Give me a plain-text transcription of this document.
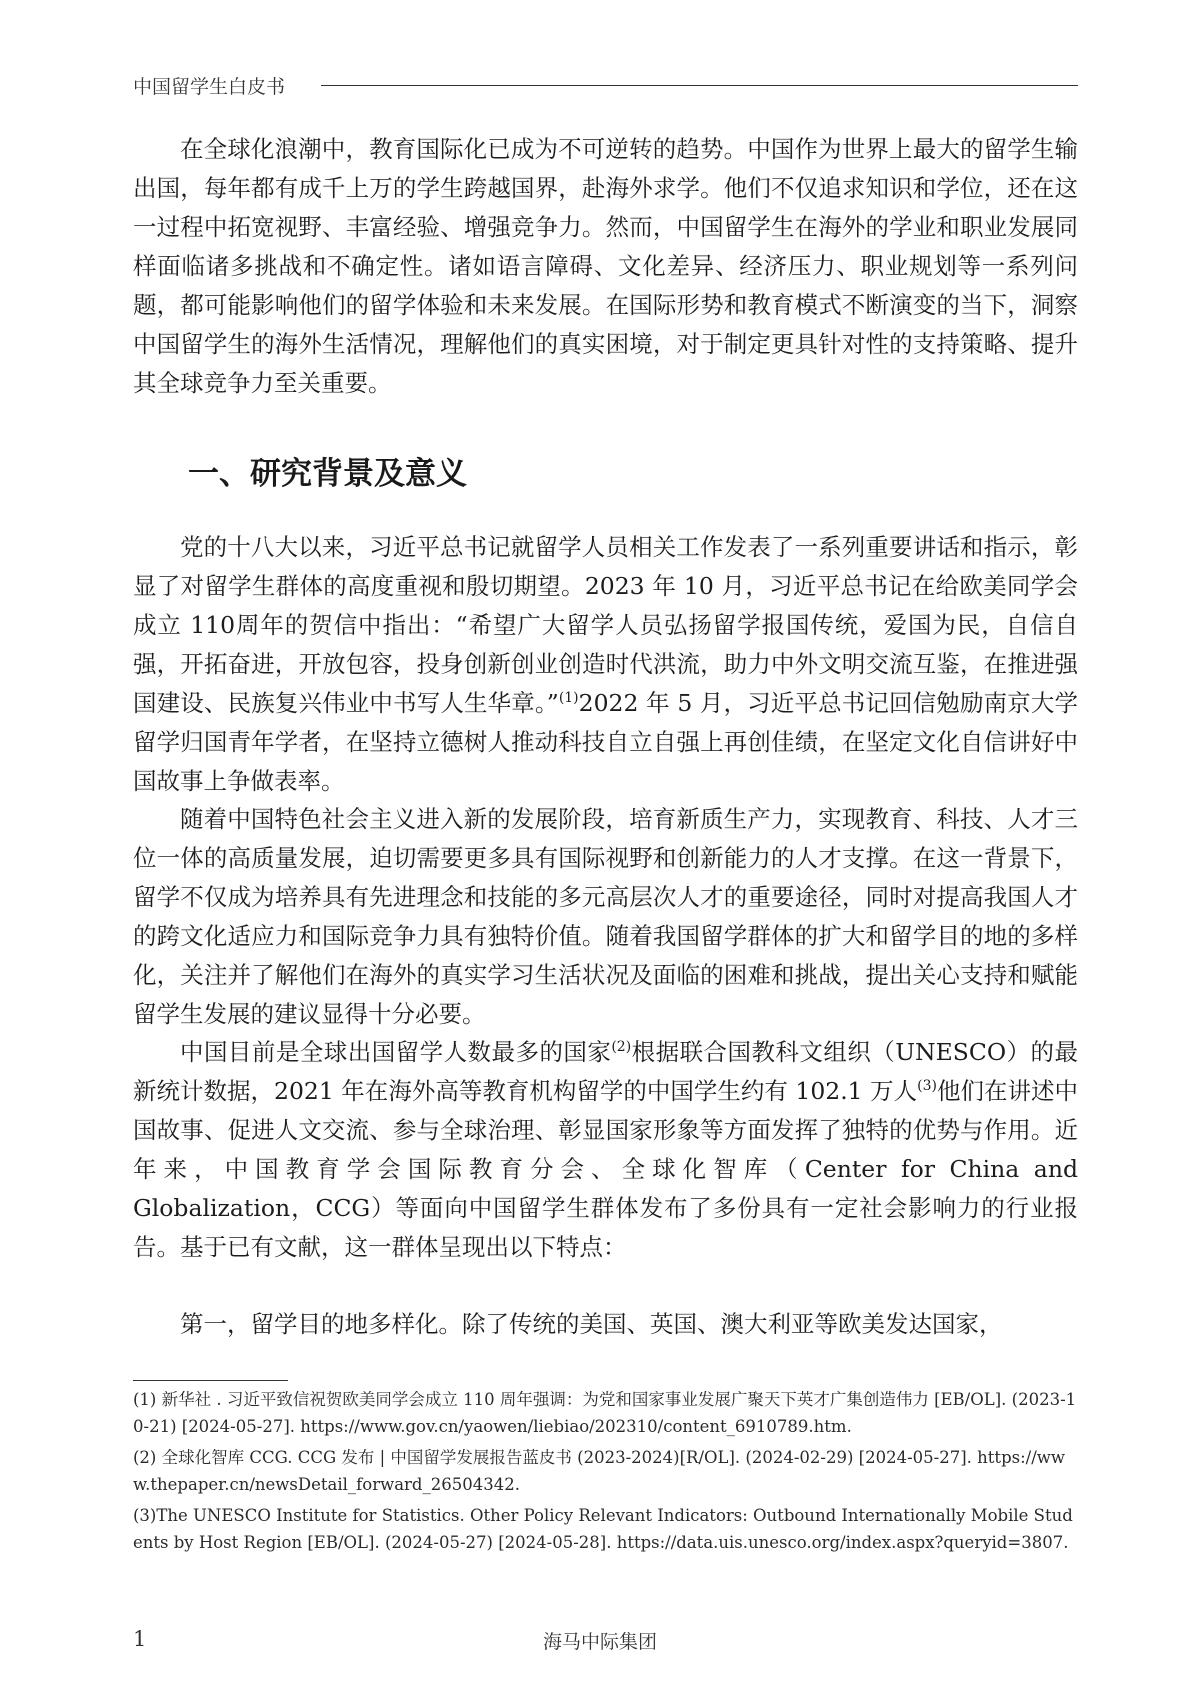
中国留学生白皮书

在全球化浪潮中，教育国际化已成为不可逆转的趋势。中国作为世界上最大的留学生输出国，每年都有成千上万的学生跨越国界，赴海外求学。他们不仅追求知识和学位，还在这一过程中拓宽视野、丰富经验、增强竞争力。然而，中国留学生在海外的学业和职业发展同样面临诸多挑战和不确定性。诸如语言障碍、文化差异、经济压力、职业规划等一系列问题，都可能影响他们的留学体验和未来发展。在国际形势和教育模式不断演变的当下，洞察中国留学生的海外生活情况，理解他们的真实困境，对于制定更具针对性的支持策略、提升其全球竞争力至关重要。

一、研究背景及意义

党的十八大以来，习近平总书记就留学人员相关工作发表了一系列重要讲话和指示，彰显了对留学生群体的高度重视和殷切期望。2023 年 10 月，习近平总书记在给欧美同学会成立 110周年的贺信中指出：“希望广大留学人员弘扬留学报国传统，爱国为民，自信自强，开拓奋进，开放包容，投身创新创业创造时代洪流，助力中外文明交流互鉴，在推进强国建设、民族复兴伟业中书写人生华章。”$^{(1)}$2022 年 5 月，习近平总书记回信勉励南京大学留学归国青年学者，在坚持立德树人推动科技自立自强上再创佳绩，在坚定文化自信讲好中国故事上争做表率。

随着中国特色社会主义进入新的发展阶段，培育新质生产力，实现教育、科技、人才三位一体的高质量发展，迫切需要更多具有国际视野和创新能力的人才支撑。在这一背景下，留学不仅成为培养具有先进理念和技能的多元高层次人才的重要途径，同时对提高我国人才的跨文化适应力和国际竞争力具有独特价值。随着我国留学群体的扩大和留学目的地的多样化，关注并了解他们在海外的真实学习生活状况及面临的困难和挑战，提出关心支持和赋能留学生发展的建议显得十分必要。

中国目前是全球出国留学人数最多的国家$^{(2)}$根据联合国教科文组织（UNESCO）的最新统计数据，2021 年在海外高等教育机构留学的中国学生约有 102.1 万人$^{(3)}$他们在讲述中国故事、促进人文交流、参与全球治理、彰显国家形象等方面发挥了独特的优势与作用。近年来，中国教育学会国际教育分会、全球化智库（Center for China and Globalization，CCG）等面向中国留学生群体发布了多份具有一定社会影响力的行业报告。基于已有文献，这一群体呈现出以下特点：

第一，留学目的地多样化。除了传统的美国、英国、澳大利亚等欧美发达国家，

(1) 新华社 . 习近平致信祝贺欧美同学会成立 110 周年强调：为党和国家事业发展广聚天下英才广集创造伟力 [EB/OL]. (2023-10-21) [2024-05-27]. https://www.gov.cn/yaowen/liebiao/202310/content_6910789.htm.

(2) 全球化智库 CCG. CCG 发布 | 中国留学发展报告蓝皮书 (2023-2024)[R/OL]. (2024-02-29) [2024-05-27]. https://www.thepaper.cn/newsDetail_forward_26504342.

(3)The UNESCO Institute for Statistics. Other Policy Relevant Indicators: Outbound Internationally Mobile Students by Host Region [EB/OL]. (2024-05-27) [2024-05-28]. https://data.uis.unesco.org/index.aspx?queryid=3807.

1	海马中际集团
